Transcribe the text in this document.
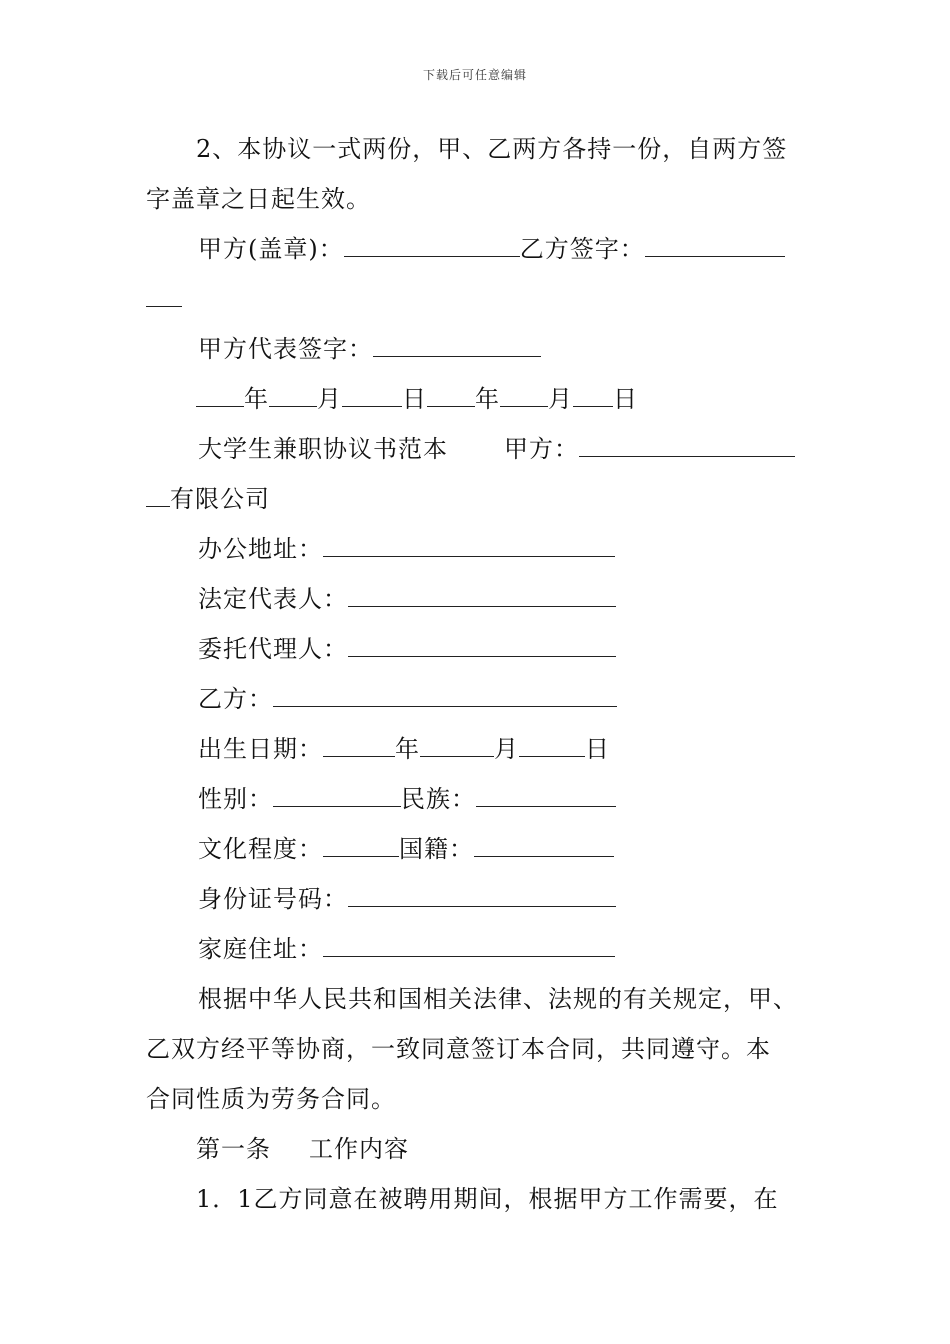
下载后可任意编辑
2、本协议一式两份，甲、乙两方各持一份，自两方签
字盖章之日起生效。
甲方(盖章)：	乙方签字：
甲方代表签字：
年 月	日 年 月 日
大学生兼职协议书范本 甲方：
有限公司
办公地址：
法定代表人：
委托代理人：
乙方：
出生日期：	年	月	日
性别：	民族：
文化程度：	国籍：
身份证号码：
家庭住址：
根据中华人民共和国相关法律、法规的有关规定，甲、
乙双方经平等协商，一致同意签订本合同，共同遵守。本
合同性质为劳务合同。
第一条 工作内容
1．1乙方同意在被聘用期间，根据甲方工作需要，在
